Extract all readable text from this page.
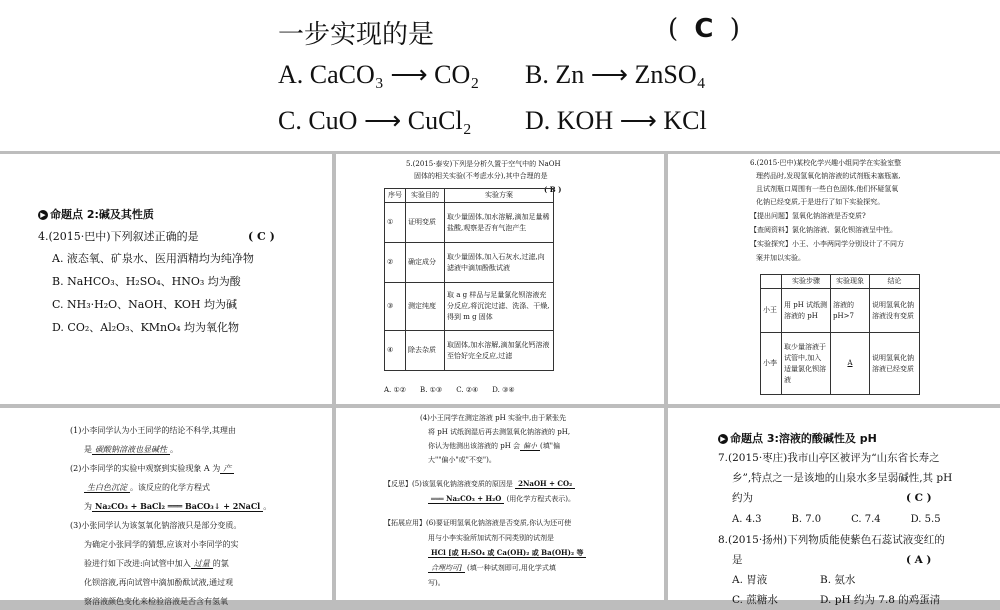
一步实现的是	( C )
A. CaCO₃ ⟶ CO₂ B. Zn ⟶ ZnSO₄
C. CuO ⟶ CuCl₂ D. KOH ⟶ KCl
▶ 命题点 2:碱及其性质
4.(2015·巴中)下列叙述正确的是	( C )
A. 液态氧、矿泉水、医用酒精均为纯净物
B. NaHCO₃、H₂SO₄、HNO₃ 均为酸
C. NH₃·H₂O、NaOH、KOH 均为碱
D. CO₂、Al₂O₃、KMnO₄ 均为氧化物
5.(2015·泰安)下列是分析久置于空气中的 NaOH
固体的相关实验(不考虑水分),其中合理的是
( B )
序号	实验目的	实验方案
①	证明变质	取少量固体,加水溶解,滴加足量稀盐酸,观察是否有气泡产生
②	确定成分	取少量固体,加入石灰水,过滤,向滤液中滴加酚酞试液
③	测定纯度	取 a g 样品与足量氯化钡溶液充分反应,将沉淀过滤、洗涤、干燥,得到 m g 固体
④	除去杂质	取固体,加水溶解,滴加氯化钙溶液至恰好完全反应,过滤
A. ①②　　B. ①③　　C. ②④　　D. ③④
6.(2015·巴中)某校化学兴趣小组同学在实验室整
理药品时,发现氢氧化钠溶液的试剂瓶未塞瓶塞,
且试剂瓶口周围有一些白色固体,他们怀疑氢氧
化钠已经变质,于是进行了如下实验探究。
【提出问题】氢氧化钠溶液是否变质?
【查阅资料】氯化钠溶液、氯化钡溶液呈中性。
【实验探究】小王、小李两同学分别设计了不同方
案并加以实验。
	实验步骤	实验现象	结论
小王	用 pH 试纸测溶液的 pH	溶液的 pH>7	说明氢氧化钠溶液没有变质
小李	取少量溶液于试管中,加入适量氯化钡溶液	A	说明氢氧化钠溶液已经变质
(1)小李同学认为小王同学的结论不科学,其理由
是 碳酸钠溶液也显碱性 。
(2)小李同学的实验中观察到实验现象 A 为 产
生白色沉淀 。该反应的化学方程式
为 Na₂CO₃ + BaCl₂ ═══ BaCO₃↓ + 2NaCl 。
(3)小张同学认为该氢氧化钠溶液只是部分变质。
为确定小张同学的猜想,应该对小李同学的实
验进行如下改进:向试管中加入 过量 的氯
化钡溶液,再向试管中滴加酚酞试液,通过观
察溶液颜色变化来检验溶液是否含有氢氧
(4)小王同学在测定溶液 pH 实验中,由于紧张先
将 pH 试纸润湿后再去测氢氧化钠溶液的 pH,
你认为他测出该溶液的 pH 会 偏小 (填"偏
大""偏小"或"不变")。
【反思】(5)该氢氧化钠溶液变质的原因是 2NaOH + CO₂
═══ Na₂CO₃ + H₂O (用化学方程式表示)。
【拓展应用】(6)要证明氢氧化钠溶液是否变质,你认为还可使
用与小李实验所加试剂不同类别的试剂是
HCl [或 H₂SO₄ 或 Ca(OH)₂ 或 Ba(OH)₂ 等
合理均可] (填一种试剂即可,用化学式填
写)。
▶ 命题点 3:溶液的酸碱性及 pH
7.(2015·枣庄)我市山亭区被评为“山东省长寿之
乡”,特点之一是该地的山泉水多呈弱碱性,其 pH
约为	( C )
A. 4.3　　　B. 7.0　　　C. 7.4　　　D. 5.5
8.(2015·扬州)下列物质能使紫色石蕊试液变红的
是	( A )
A. 胃液	B. 氨水
C. 蔗糖水	D. pH 约为 7.8 的鸡蛋清
